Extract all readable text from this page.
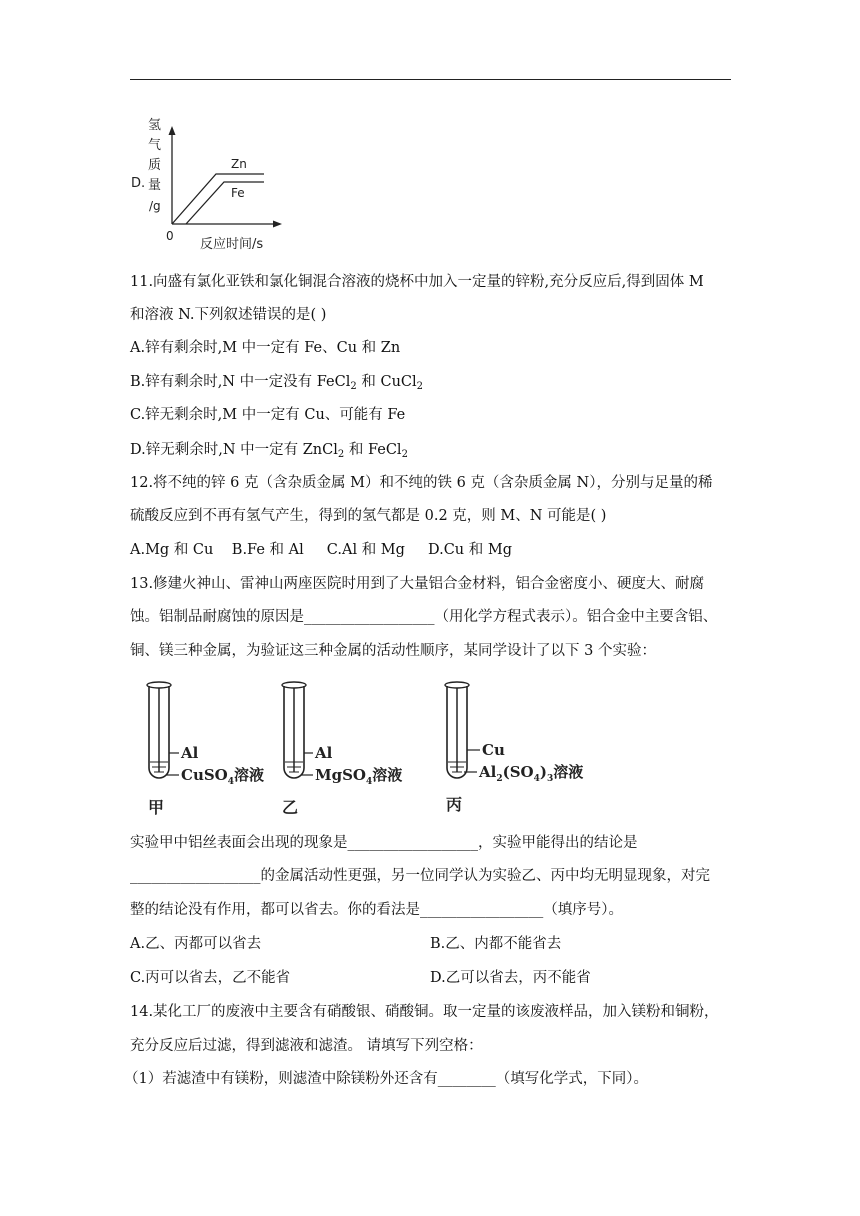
D.
氢
气
质
量
/g
Zn
Fe
0
反应时间/s
11.向盛有氯化亚铁和氯化铜混合溶液的烧杯中加入一定量的锌粉,充分反应后,得到固体 M
和溶液 N.下列叙述错误的是( )
A.锌有剩余时,M 中一定有 Fe、Cu 和 Zn
B.锌有剩余时,N 中一定没有 FeCl$_2$ 和 CuCl$_2$
C.锌无剩余时,M 中一定有 Cu、可能有 Fe
D.锌无剩余时,N 中一定有 ZnCl$_2$ 和 FeCl$_2$
12.将不纯的锌 6 克（含杂质金属 M）和不纯的铁 6 克（含杂质金属 N），分别与足量的稀
硫酸反应到不再有氢气产生，得到的氢气都是 0.2 克，则 M、N 可能是( )
A.Mg 和 Cu    B.Fe 和 Al     C.Al 和 Mg     D.Cu 和 Mg
13.修建火神山、雷神山两座医院时用到了大量铝合金材料，铝合金密度小、硬度大、耐腐
蚀。铝制品耐腐蚀的原因是__________________（用化学方程式表示）。铝合金中主要含铝、
铜、镁三种金属，为验证这三种金属的活动性顺序，某同学设计了以下 3 个实验：
Al
CuSO$_4$溶液
甲
Al
MgSO$_4$溶液
乙
Cu
$Al_2(SO_4)_3$溶液
丙
实验甲中铝丝表面会出现的现象是__________________，实验甲能得出的结论是
__________________的金属活动性更强，另一位同学认为实验乙、丙中均无明显现象，对完
整的结论没有作用，都可以省去。你的看法是_________________（填序号）。
A.乙、丙都可以省去	B.乙、内都不能省去
C.丙可以省去，乙不能省	D.乙可以省去，丙不能省
14.某化工厂的废液中主要含有硝酸银、硝酸铜。取一定量的该废液样品，加入镁粉和铜粉，
充分反应后过滤，得到滤液和滤渣。 请填写下列空格：
（1）若滤渣中有镁粉，则滤渣中除镁粉外还含有________（填写化学式，下同）。
